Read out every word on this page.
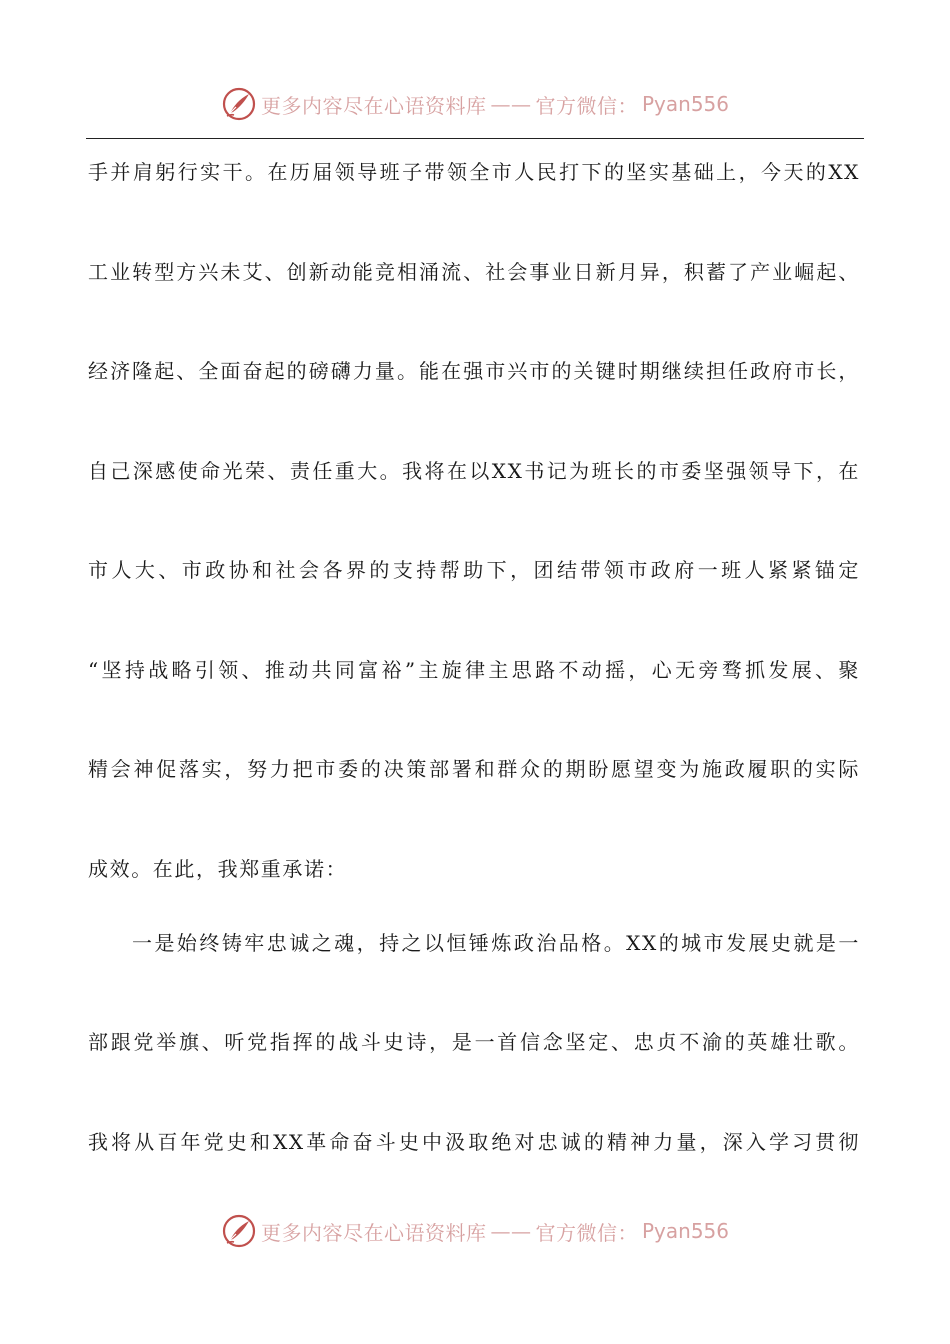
更多内容尽在心语资料库 —— 官方微信： Pyan556
手并肩躬行实干。在历届领导班子带领全市人民打下的坚实基础上，今天的XX
工业转型方兴未艾、创新动能竞相涌流、社会事业日新月异，积蓄了产业崛起、
经济隆起、全面奋起的磅礴力量。能在强市兴市的关键时期继续担任政府市长，
自己深感使命光荣、责任重大。我将在以XX书记为班长的市委坚强领导下，在
市人大、市政协和社会各界的支持帮助下，团结带领市政府一班人紧紧锚定
“坚持战略引领、推动共同富裕”主旋律主思路不动摇，心无旁骛抓发展、聚
精会神促落实，努力把市委的决策部署和群众的期盼愿望变为施政履职的实际
成效。在此，我郑重承诺：
一是始终铸牢忠诚之魂，持之以恒锤炼政治品格。XX的城市发展史就是一
部跟党举旗、听党指挥的战斗史诗，是一首信念坚定、忠贞不渝的英雄壮歌。
我将从百年党史和XX革命奋斗史中汲取绝对忠诚的精神力量，深入学习贯彻
更多内容尽在心语资料库 —— 官方微信： Pyan556
